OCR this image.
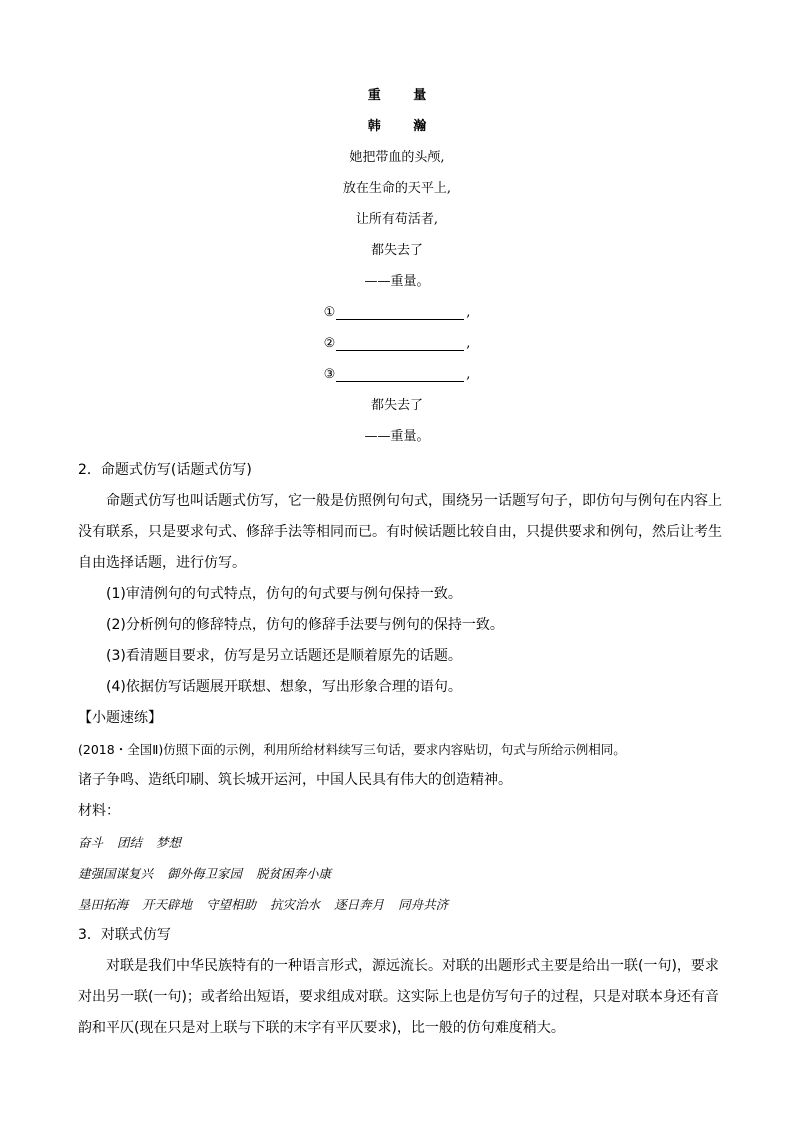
重 量
韩 瀚
她把带血的头颅,
放在生命的天平上,
让所有苟活者,
都失去了
——重量。
①	,
②	,
③	,
都失去了
——重量。
2．命题式仿写(话题式仿写)
命题式仿写也叫话题式仿写，它一般是仿照例句句式，围绕另一话题写句子，即仿句与例句在内容上
没有联系，只是要求句式、修辞手法等相同而已。有时候话题比较自由，只提供要求和例句，然后让考生
自由选择话题，进行仿写。
(1)审清例句的句式特点，仿句的句式要与例句保持一致。
(2)分析例句的修辞特点，仿句的修辞手法要与例句的保持一致。
(3)看清题目要求，仿写是另立话题还是顺着原先的话题。
(4)依据仿写话题展开联想、想象，写出形象合理的语句。
【小题速练】
(2018・全国Ⅱ)仿照下面的示例，利用所给材料续写三句话，要求内容贴切，句式与所给示例相同。
诸子争鸣、造纸印刷、筑长城开运河，中国人民具有伟大的创造精神。
材料：
奋斗 团结 梦想
建强国谋复兴 御外侮卫家园 脱贫困奔小康
垦田拓海 开天辟地 守望相助 抗灾治水 逐日奔月 同舟共济
3．对联式仿写
对联是我们中华民族特有的一种语言形式，源远流长。对联的出题形式主要是给出一联(一句)，要求
对出另一联(一句)；或者给出短语，要求组成对联。这实际上也是仿写句子的过程，只是对联本身还有音
韵和平仄(现在只是对上联与下联的末字有平仄要求)，比一般的仿句难度稍大。
